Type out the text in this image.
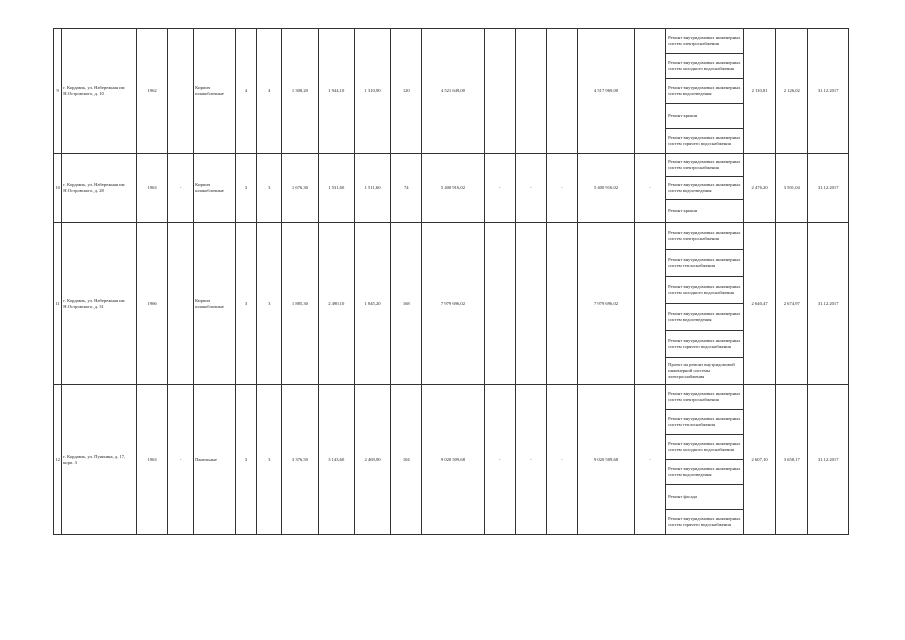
9	г. Кордавль, ул. Набережная им Н.Островского, д. 10	1962		Кирпич шлакоблочные	4	4	1 308,20	1 944,10	1 310,90	120	4 521 649,00				4 517 969,00		Ремонт внутридомовых инженерных систем электроснабжения	2 110,81	2 126,02	31.12.2017
																	Ремонт внутридомовых инженерных систем холодного водоснабжения			
																	Ремонт внутридомовых инженерных систем водоотведения			
																	Ремонт крыши			
																	Ремонт внутридомовых инженерных систем горячего водоснабжения			
10	г. Кордавль, ул. Набережная им Н.Островского, д. 28	1963	-	Кирпич шлакоблочные	3	3	1 676,30	1 531,60	1 511,60	74	5 400 916,02	-	-	-	5 400 916,02	-	Ремонт внутридомовых инженерных систем электроснабжения	2 476,20	3 501,04	31.12.2017
																	Ремонт внутридомовых инженерных систем водоотведения			
																	Ремонт крыши			
11	г. Кордавль, ул. Набережная им Н.Островского, д. 31	1966		Кирпич шлакоблочные	3	3	1 885,30	2 490,10	1 845,20	168	7 979 696,02				7 979 696,02		Ремонт внутридомовых инженерных систем электроснабжения	2 640,47	2 674,97	31.12.2017
																	Ремонт внутридомовых инженерных систем теплоснабжения			
																	Ремонт внутридомовых инженерных систем холодного водоснабжения			
																	Ремонт внутридомовых инженерных систем водоотведения			
																	Ремонт внутридомовых инженерных систем горячего водоснабжения			
																	Проект на ремонт внутридомовой инженерной системы электроснабжения			
12	г. Кордавль, ул. Пушкина, д. 17, корп. 3	1963	-	Панельные	3	3	3 376,50	3 143,60	2 469,90	104	9 020 509,68	-	-	-	9 020 509,68	-	Ремонт внутридомовых инженерных систем электроснабжения	2 607,10	3 658,17	31.12.2017
																	Ремонт внутридомовых инженерных систем теплоснабжения			
																	Ремонт внутридомовых инженерных систем холодного водоснабжения			
																	Ремонт внутридомовых инженерных систем водоотведения			
																	Ремонт фасада			
																	Ремонт внутридомовых инженерных систем горячего водоснабжения			
